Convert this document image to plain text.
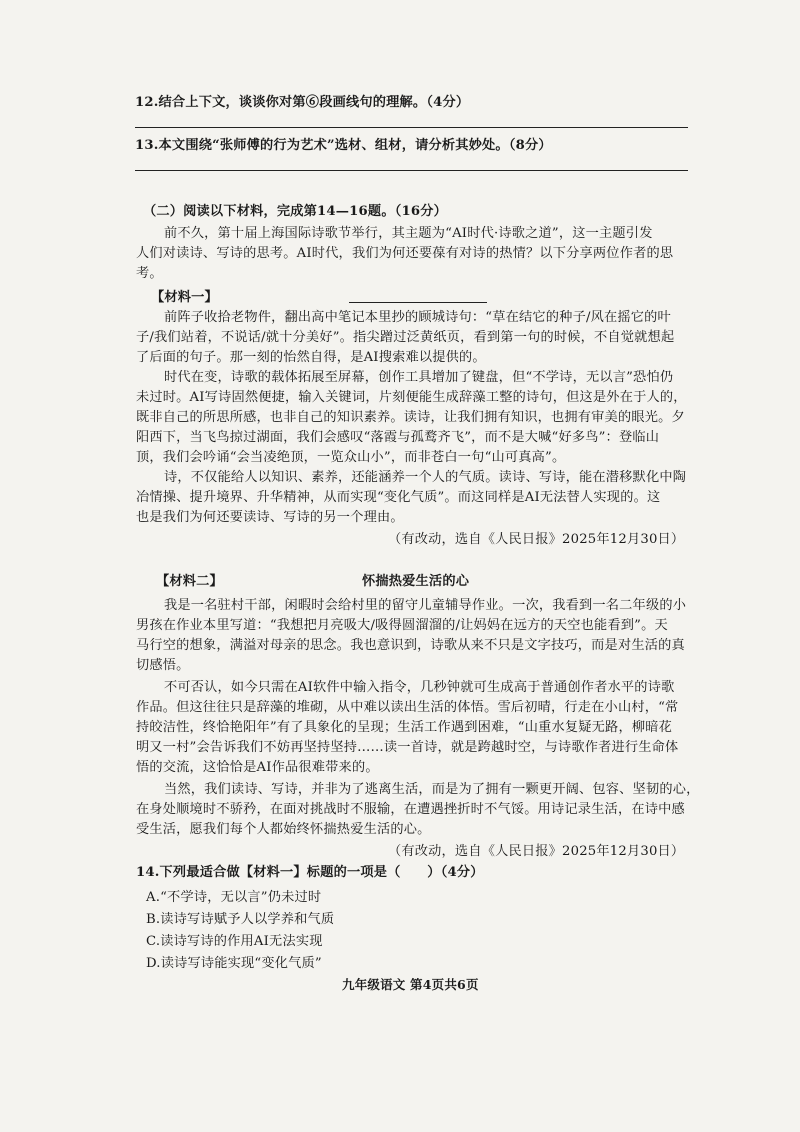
12.结合上下文，谈谈你对第⑥段画线句的理解。（4分）
13.本文围绕“张师傅的行为艺术”选材、组材，请分析其妙处。（8分）
（二）阅读以下材料，完成第14—16题。（16分）
前不久，第十届上海国际诗歌节举行，其主题为“AI时代·诗歌之道”，这一主题引发
人们对读诗、写诗的思考。AI时代，我们为何还要葆有对诗的热情？以下分享两位作者的思
考。
【材料一】
前阵子收拾老物件，翻出高中笔记本里抄的顾城诗句：“草在结它的种子/风在摇它的叶
子/我们站着，不说话/就十分美好”。指尖蹭过泛黄纸页，看到第一句的时候，不自觉就想起
了后面的句子。那一刻的怡然自得，是AI搜索难以提供的。
时代在变，诗歌的载体拓展至屏幕，创作工具增加了键盘，但“不学诗，无以言”恐怕仍
未过时。AI写诗固然便捷，输入关键词，片刻便能生成辞藻工整的诗句，但这是外在于人的，
既非自己的所思所感，也非自己的知识素养。读诗，让我们拥有知识，也拥有审美的眼光。夕
阳西下，当飞鸟掠过湖面，我们会感叹“落霞与孤鹜齐飞”，而不是大喊“好多鸟”：登临山
顶，我们会吟诵“会当凌绝顶，一览众山小”，而非苍白一句“山可真高”。
诗，不仅能给人以知识、素养，还能涵养一个人的气质。读诗、写诗，能在潜移默化中陶
冶情操、提升境界、升华精神，从而实现“变化气质”。而这同样是AI无法替人实现的。这
也是我们为何还要读诗、写诗的另一个理由。
（有改动，选自《人民日报》2025年12月30日）
【材料二】	怀揣热爱生活的心
我是一名驻村干部，闲暇时会给村里的留守儿童辅导作业。一次，我看到一名二年级的小
男孩在作业本里写道：“我想把月亮吸大/吸得圆溜溜的/让妈妈在远方的天空也能看到”。天
马行空的想象，满溢对母亲的思念。我也意识到，诗歌从来不只是文字技巧，而是对生活的真
切感悟。
不可否认，如今只需在AI软件中输入指令，几秒钟就可生成高于普通创作者水平的诗歌
作品。但这往往只是辞藻的堆砌，从中难以读出生活的体悟。雪后初晴，行走在小山村，“常
持皎洁性，终恰艳阳年”有了具象化的呈现；生活工作遇到困难，“山重水复疑无路，柳暗花
明又一村”会告诉我们不妨再坚持坚持……读一首诗，就是跨越时空，与诗歌作者进行生命体
悟的交流，这恰恰是AI作品很难带来的。
当然，我们读诗、写诗，并非为了逃离生活，而是为了拥有一颗更开阔、包容、坚韧的心，
在身处顺境时不骄矜，在面对挑战时不服输，在遭遇挫折时不气馁。用诗记录生活，在诗中感
受生活，愿我们每个人都始终怀揣热爱生活的心。
（有改动，选自《人民日报》2025年12月30日）
14.下列最适合做【材料一】标题的一项是（　　）（4分）
A.“不学诗，无以言”仍未过时
B.读诗写诗赋予人以学养和气质
C.读诗写诗的作用AI无法实现
D.读诗写诗能实现“变化气质”
九年级语文 第4页共6页
